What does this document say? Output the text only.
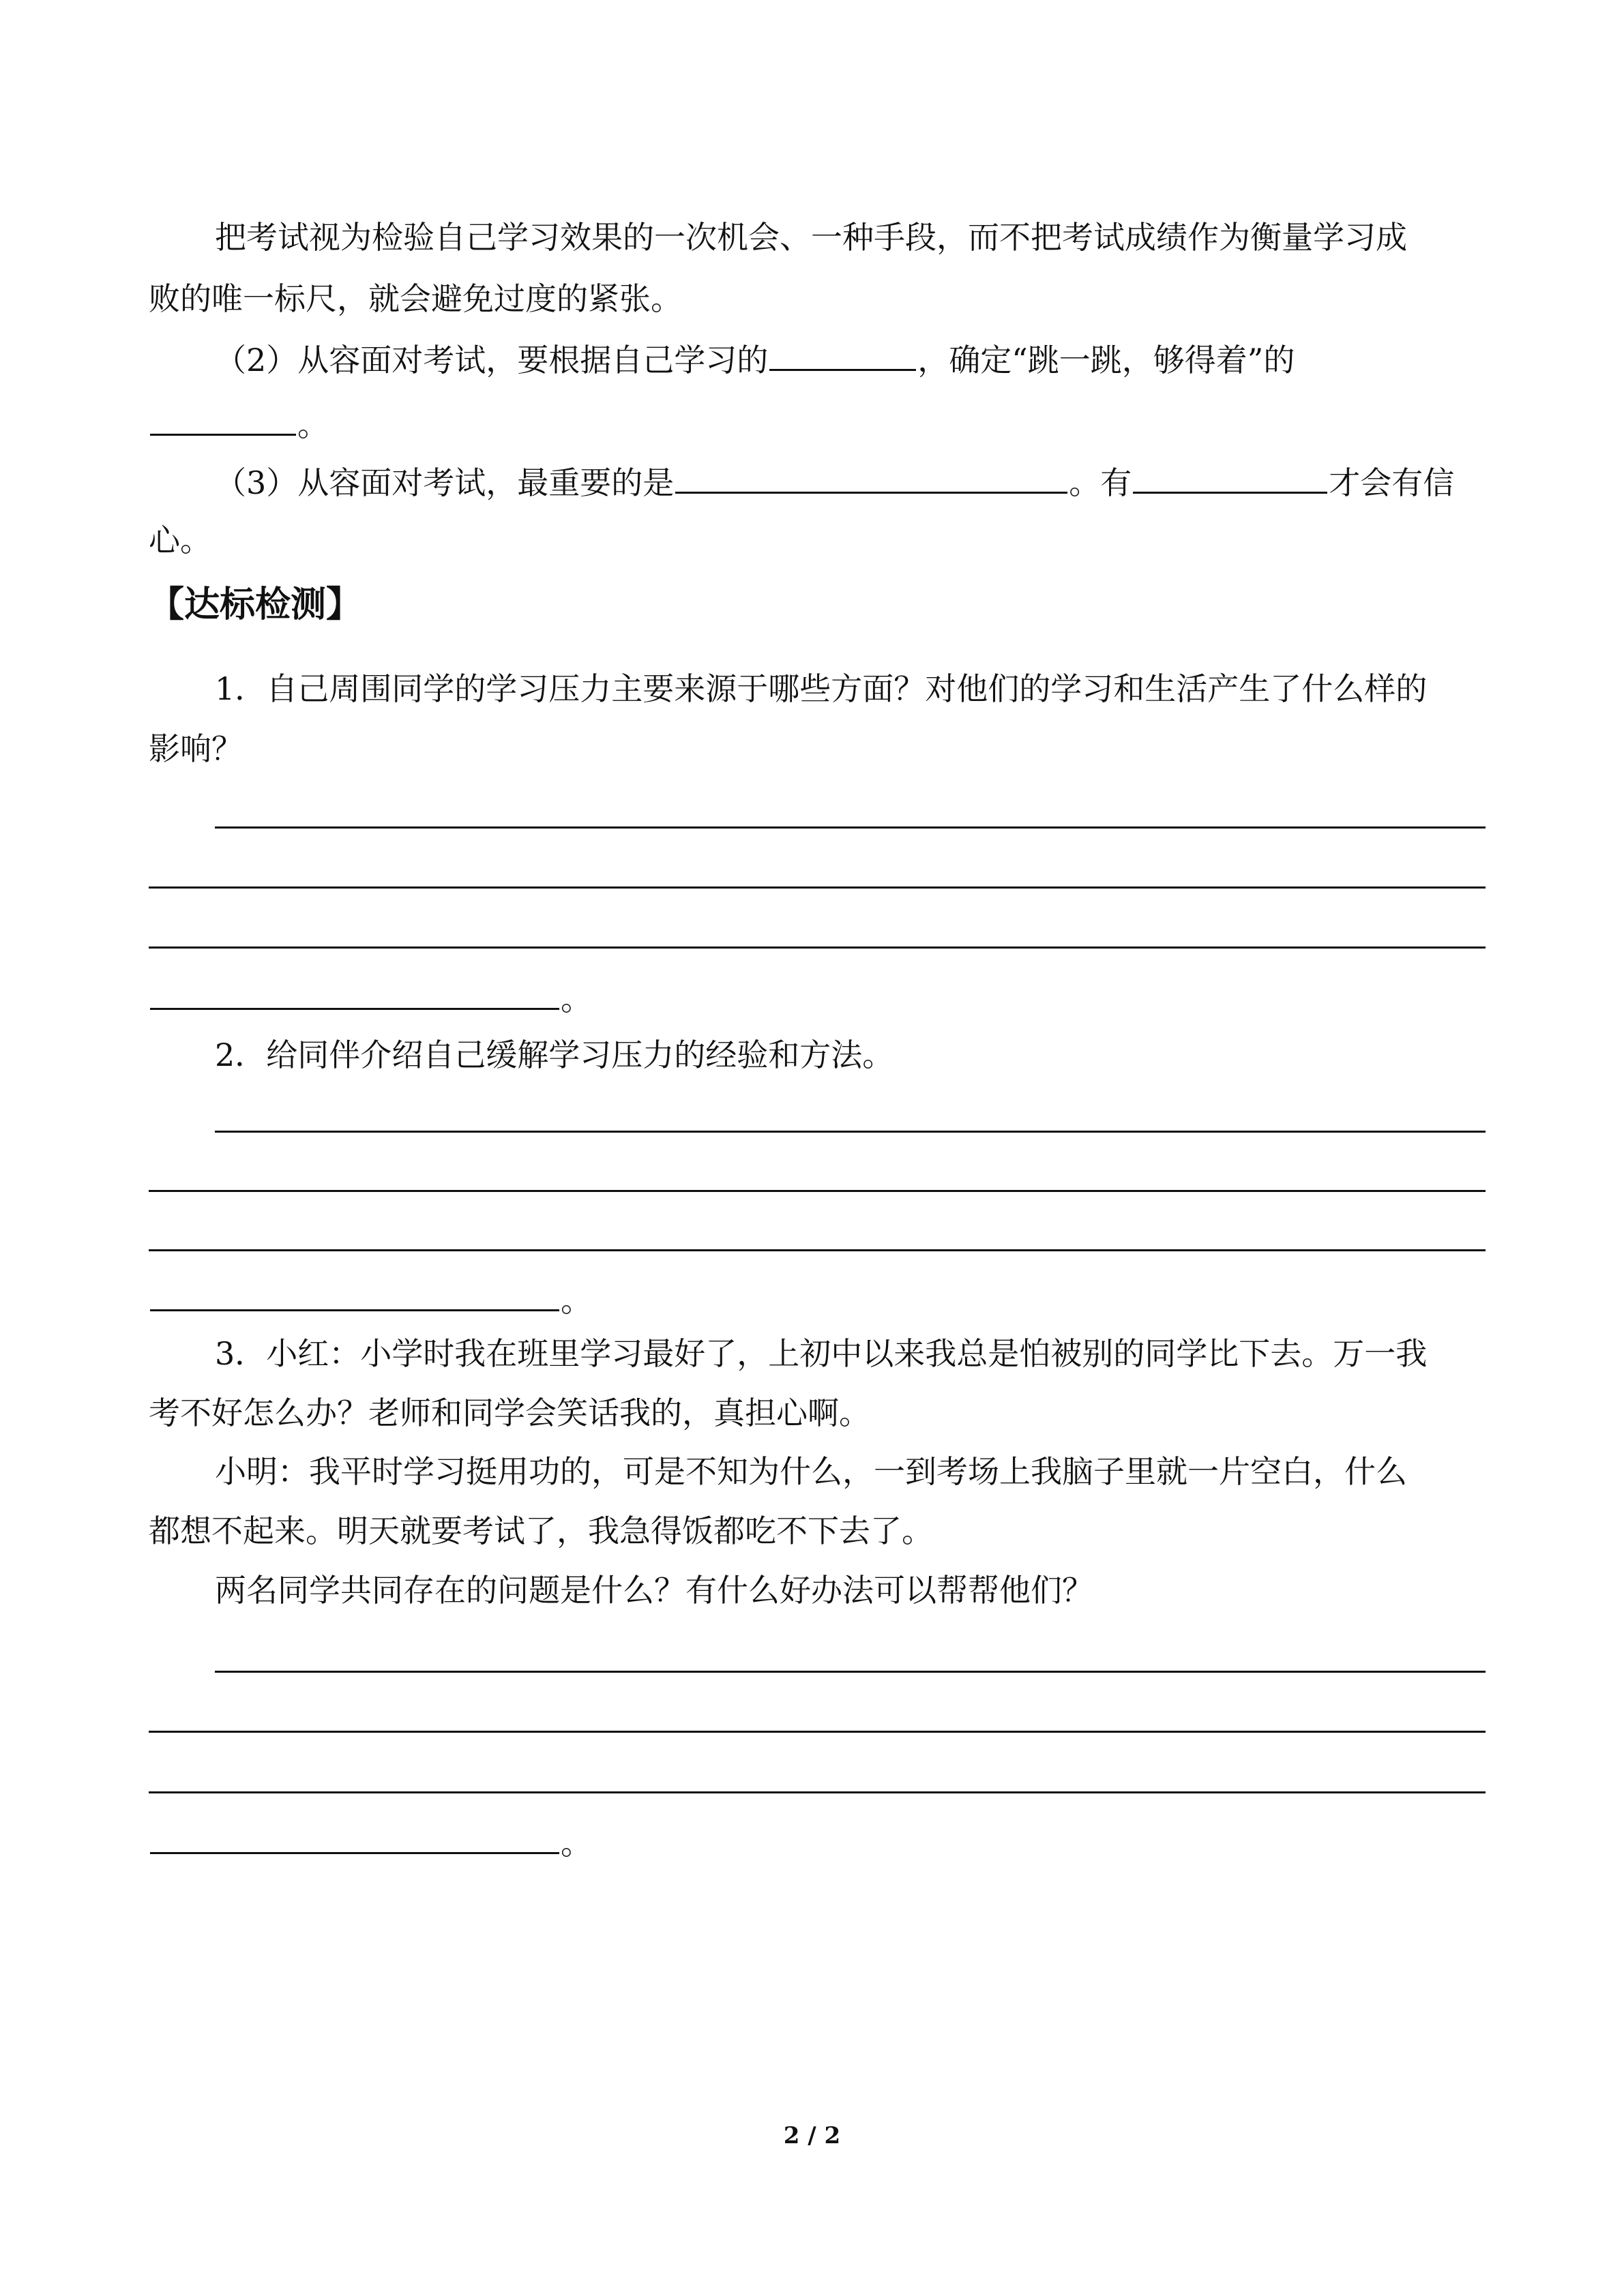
把考试视为检验自己学习效果的一次机会、一种手段，而不把考试成绩作为衡量学习成
败的唯一标尺，就会避免过度的紧张。
（2）从容面对考试，要根据自己学习的	，确定“跳一跳，够得着”的
。
（3）从容面对考试，最重要的是	。有	才会有信
心。
【达标检测】
1．自己周围同学的学习压力主要来源于哪些方面？对他们的学习和生活产生了什么样的
影响？
。
2．给同伴介绍自己缓解学习压力的经验和方法。
。
3．小红：小学时我在班里学习最好了，上初中以来我总是怕被别的同学比下去。万一我
考不好怎么办？老师和同学会笑话我的，真担心啊。
小明：我平时学习挺用功的，可是不知为什么，一到考场上我脑子里就一片空白，什么
都想不起来。明天就要考试了，我急得饭都吃不下去了。
两名同学共同存在的问题是什么？有什么好办法可以帮帮他们？
。
2 / 2
